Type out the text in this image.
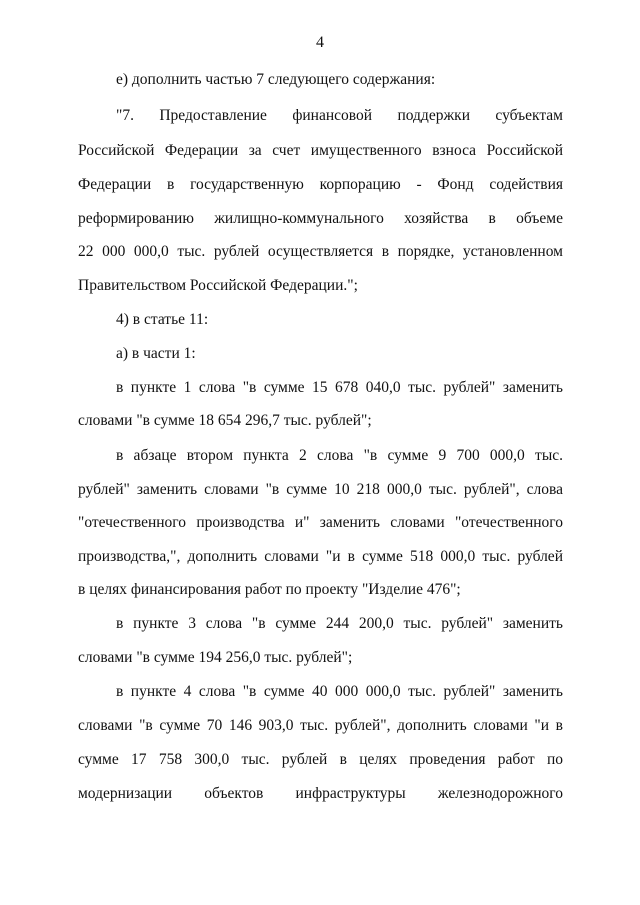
4
е) дополнить частью 7 следующего содержания:
"7. Предоставление финансовой поддержки субъектам
Российской Федерации за счет имущественного взноса Российской
Федерации в государственную корпорацию - Фонд содействия
реформированию жилищно-коммунального хозяйства в объеме
22 000 000,0 тыс. рублей осуществляется в порядке, установленном
Правительством Российской Федерации.";
4) в статье 11:
а) в части 1:
в пункте 1 слова "в сумме 15 678 040,0 тыс. рублей" заменить
словами "в сумме 18 654 296,7 тыс. рублей";
в абзаце втором пункта 2 слова "в сумме 9 700 000,0 тыс.
рублей" заменить словами "в сумме 10 218 000,0 тыс. рублей", слова
"отечественного производства и" заменить словами "отечественного
производства,", дополнить словами "и в сумме 518 000,0 тыс. рублей
в целях финансирования работ по проекту "Изделие 476";
в пункте 3 слова "в сумме 244 200,0 тыс. рублей" заменить
словами "в сумме 194 256,0 тыс. рублей";
в пункте 4 слова "в сумме 40 000 000,0 тыс. рублей" заменить
словами "в сумме 70 146 903,0 тыс. рублей", дополнить словами "и в
сумме 17 758 300,0 тыс. рублей в целях проведения работ по
модернизации объектов инфраструктуры железнодорожного
